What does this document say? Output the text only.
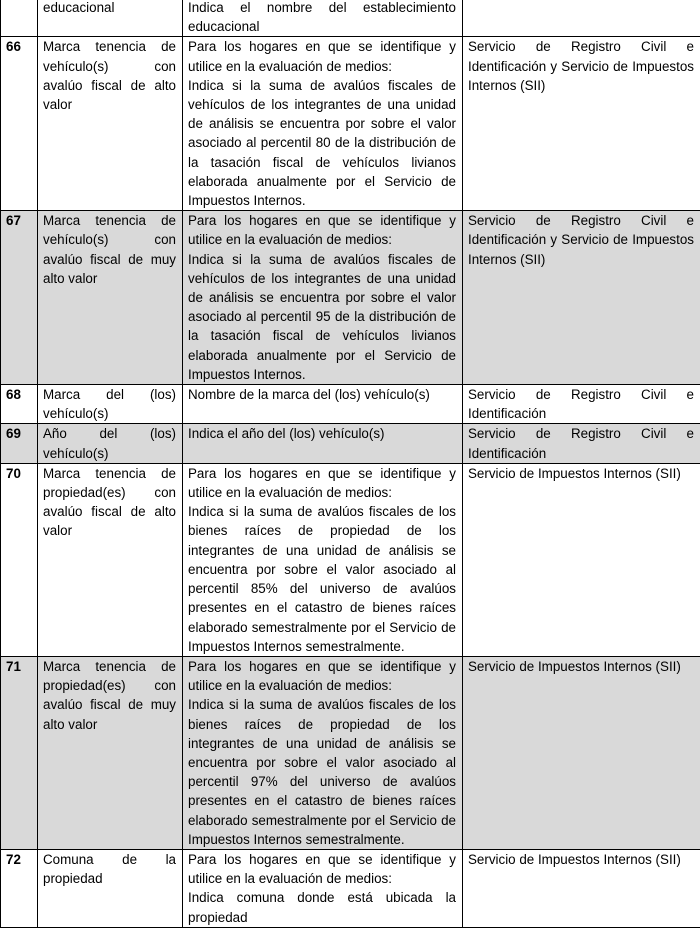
	educacional	Indica el nombre del establecimiento educacional	

66	Marca tenencia de vehículo(s) con avalúo fiscal de alto valor	Para los hogares en que se identifique y utilice en la evaluación de medios:
Indica si la suma de avalúos fiscales de vehículos de los integrantes de una unidad de análisis se encuentra por sobre el valor asociado al percentil 80 de la distribución de la tasación fiscal de vehículos livianos elaborada anualmente por el Servicio de Impuestos Internos.	Servicio de Registro Civil e Identificación y Servicio de Impuestos Internos (SII)
67	Marca tenencia de vehículo(s) con avalúo fiscal de muy alto valor	Para los hogares en que se identifique y utilice en la evaluación de medios:
Indica si la suma de avalúos fiscales de vehículos de los integrantes de una unidad de análisis se encuentra por sobre el valor asociado al percentil 95 de la distribución de la tasación fiscal de vehículos livianos elaborada anualmente por el Servicio de Impuestos Internos.	Servicio de Registro Civil e Identificación y Servicio de Impuestos Internos (SII)
68	Marca del (los) vehículo(s)	Nombre de la marca del (los) vehículo(s)	Servicio de Registro Civil e Identificación
69	Año del (los) vehículo(s)	Indica el año del (los) vehículo(s)	Servicio de Registro Civil e Identificación
70	Marca tenencia de propiedad(es) con avalúo fiscal de alto valor	Para los hogares en que se identifique y utilice en la evaluación de medios:
Indica si la suma de avalúos fiscales de los bienes raíces de propiedad de los integrantes de una unidad de análisis se encuentra por sobre el valor asociado al percentil 85% del universo de avalúos presentes en el catastro de bienes raíces elaborado semestralmente por el Servicio de Impuestos Internos semestralmente.	Servicio de Impuestos Internos (SII)
71	Marca tenencia de propiedad(es) con avalúo fiscal de muy alto valor	Para los hogares en que se identifique y utilice en la evaluación de medios:
Indica si la suma de avalúos fiscales de los bienes raíces de propiedad de los integrantes de una unidad de análisis se encuentra por sobre el valor asociado al percentil 97% del universo de avalúos presentes en el catastro de bienes raíces elaborado semestralmente por el Servicio de Impuestos Internos semestralmente.	Servicio de Impuestos Internos (SII)
72	Comuna de la propiedad	Para los hogares en que se identifique y utilice en la evaluación de medios:
Indica comuna donde está ubicada la propiedad	Servicio de Impuestos Internos (SII)
